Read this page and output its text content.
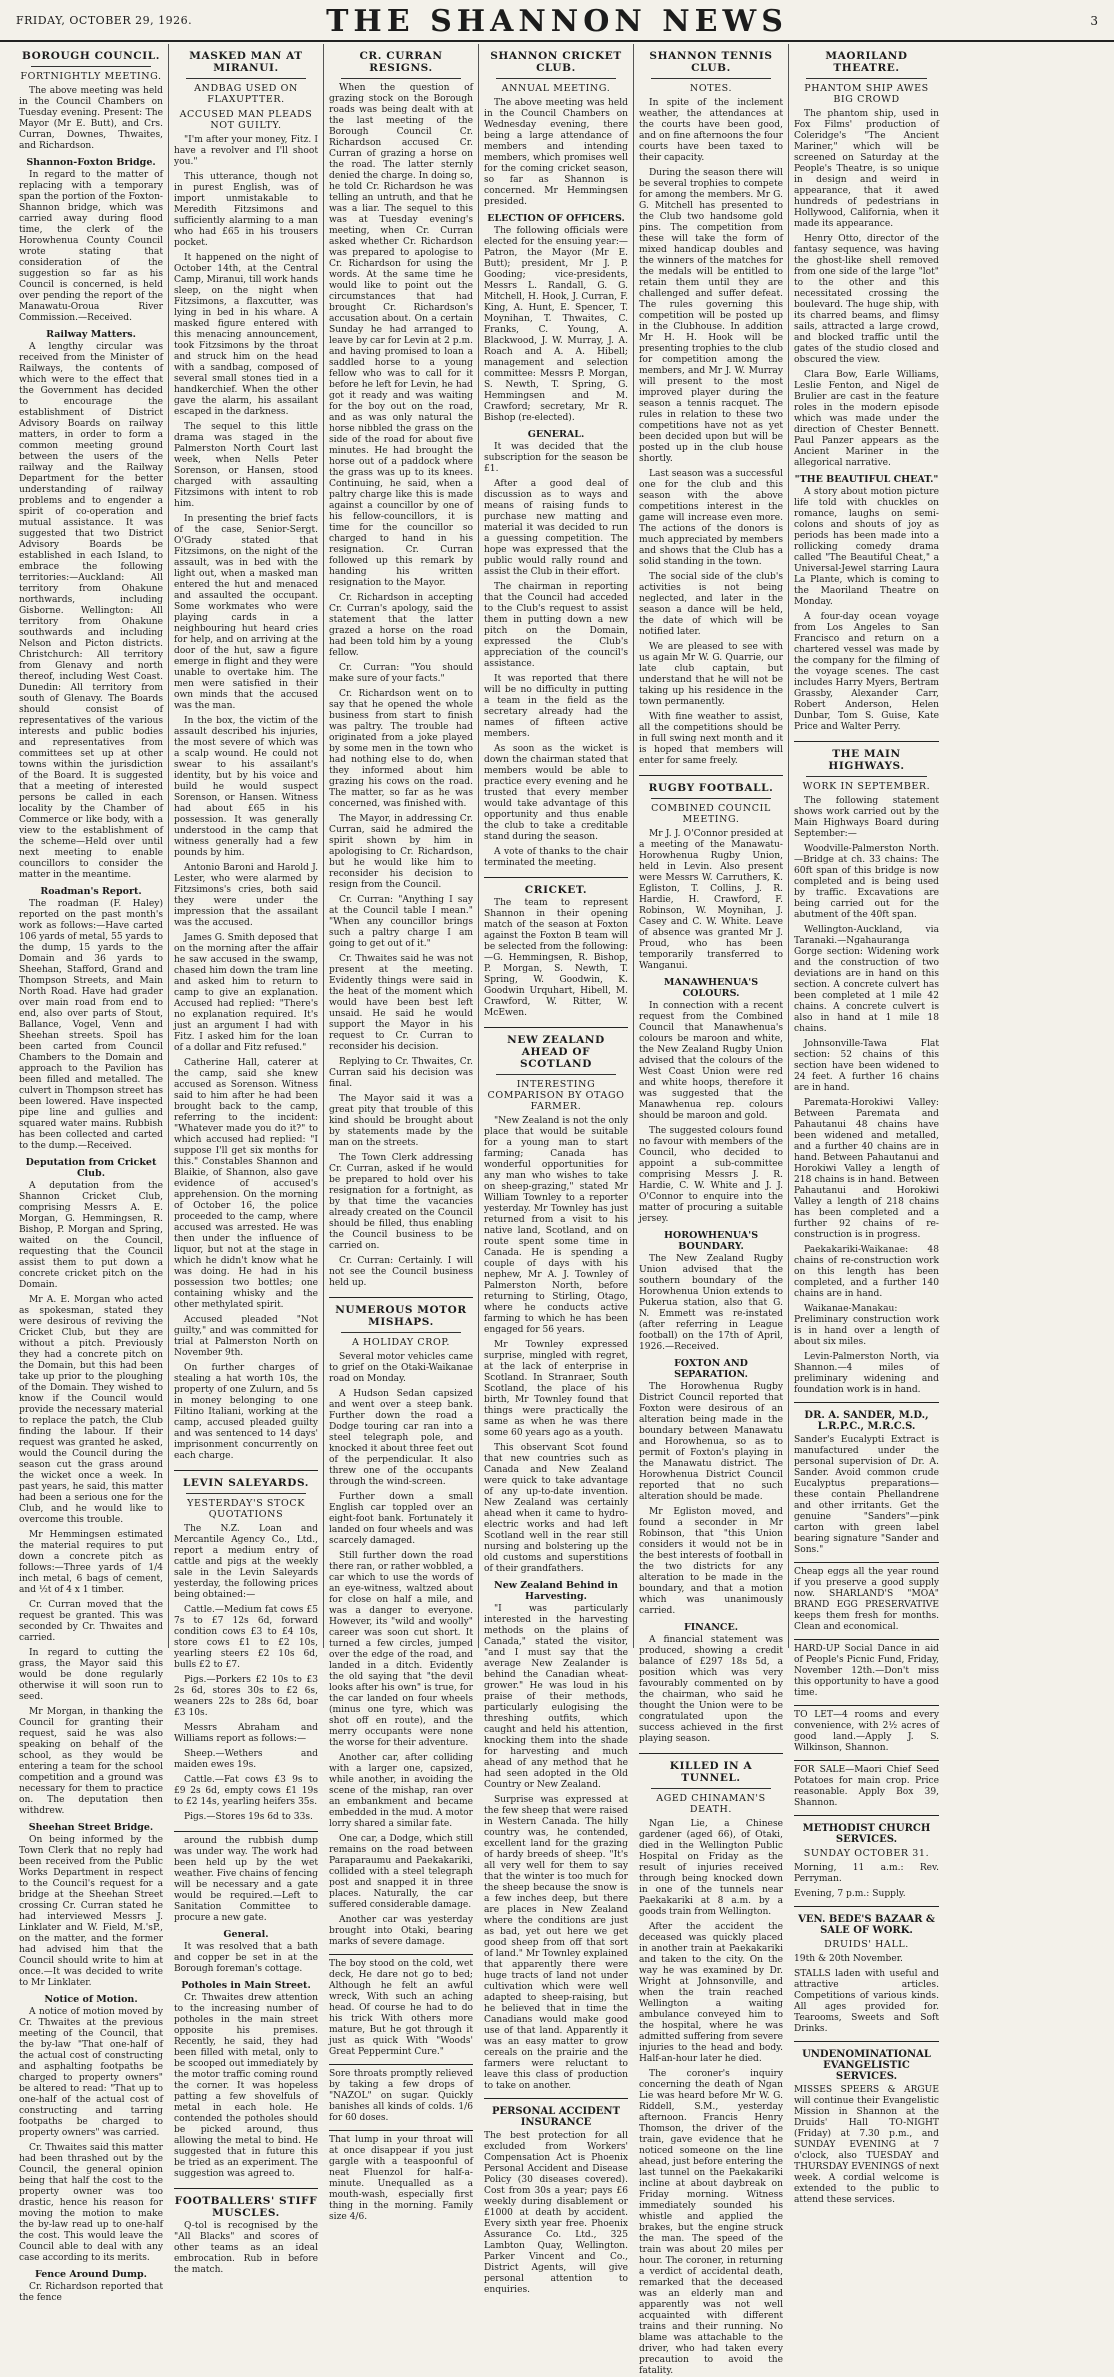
FRIDAY, OCTOBER 29, 1926.	THE SHANNON NEWS	3
BOROUGH COUNCIL.
FORTNIGHTLY MEETING.

The above meeting was held in the Council Chambers on Tuesday evening. Present: The Mayor (Mr E. Butt), and Crs. Curran, Downes, Thwaites, and Richardson.

Shannon-Foxton Bridge.

In regard to the matter of replacing with a temporary span the portion of the Foxton-Shannon bridge, which was carried away during flood time, the clerk of the Horowhenua County Council wrote stating that consideration of the suggestion so far as his Council is concerned, is held over pending the report of the Manawatu-Oroua River Commission.—Received.

Railway Matters.

A lengthy circular was received from the Minister of Railways, the contents of which were to the effect that the Government has decided to encourage the establishment of District Advisory Boards on railway matters, in order to form a common meeting ground between the users of the railway and the Railway Department for the better understanding of railway problems and to engender a spirit of co-operation and mutual assistance. It was suggested that two District Advisory Boards be established in each Island, to embrace the following territories:—Auckland: All territory from Ohakune northwards, including Gisborne. Wellington: All territory from Ohakune southwards and including Nelson and Picton districts. Christchurch: All territory from Glenavy and north thereof, including West Coast. Dunedin: All territory from south of Glenavy. The Boards should consist of representatives of the various interests and public bodies and representatives from committees set up at other towns within the jurisdiction of the Board. It is suggested that a meeting of interested persons be called in each locality by the Chamber of Commerce or like body, with a view to the establishment of the scheme—Held over until next meeting to enable councillors to consider the matter in the meantime.

Roadman's Report.

The roadman (F. Haley) reported on the past month's work as follows:—Have carted 106 yards of metal, 55 yards to the dump, 15 yards to the Domain and 36 yards to Sheehan, Stafford, Grand and Thompson Streets, and Main North Road. Have had grader over main road from end to end, also over parts of Stout, Ballance, Vogel, Venn and Sheehan streets. Spoil has been carted from Council Chambers to the Domain and approach to the Pavilion has been filled and metalled. The culvert in Thompson street has been lowered. Have inspected pipe line and gullies and squared water mains. Rubbish has been collected and carted to the dump.—Received.

Deputation from Cricket Club.

A deputation from the Shannon Cricket Club, comprising Messrs A. E. Morgan, G. Hemmingsen, R. Bishop, P. Morgan and Spring, waited on the Council, requesting that the Council assist them to put down a concrete cricket pitch on the Domain.

Mr A. E. Morgan who acted as spokesman, stated they were desirous of reviving the Cricket Club, but they are without a pitch. Previously they had a concrete pitch on the Domain, but this had been take up prior to the ploughing of the Domain. They wished to know if the Council would provide the necessary material to replace the patch, the Club finding the labour. If their request was granted he asked, would the Council during the season cut the grass around the wicket once a week. In past years, he said, this matter had been a serious one for the Club, and he would like to overcome this trouble.

Mr Hemmingsen estimated the material requires to put down a concrete pitch as follows:—Three yards of 1/4 inch metal, 6 bags of cement, and ½t of 4 x 1 timber.

Cr. Curran moved that the request be granted. This was seconded by Cr. Thwaites and carried.

In regard to cutting the grass, the Mayor said this would be done regularly otherwise it will soon run to seed.

Mr Morgan, in thanking the Council for granting their request, said he was also speaking on behalf of the school, as they would be entering a team for the school competition and a ground was necessary for them to practice on. The deputation then withdrew.

Sheehan Street Bridge.

On being informed by the Town Clerk that no reply had been received from the Public Works Department in respect to the Council's request for a bridge at the Sheehan Street crossing Cr. Curran stated he had interviewed Messrs J. Linklater and W. Field, M.'sP., on the matter, and the former had advised him that the Council should write to him at once.—It was decided to write to Mr Linklater.

Notice of Motion.

A notice of motion moved by Cr. Thwaites at the previous meeting of the Council, that the by-law "That one-half of the actual cost of constructing and asphalting footpaths be charged to property owners" be altered to read: "That up to one-half of the actual cost of constructing and tarring footpaths be charged to property owners" was carried.

Cr. Thwaites said this matter had been thrashed out by the Council, the general opinion being that half the cost to the property owner was too drastic, hence his reason for moving the motion to make the by-law read up to one-half the cost. This would leave the Council able to deal with any case according to its merits.

Fence Around Dump.

Cr. Richardson reported that the fence

MASKED MAN AT MIRANUI.
ANDBAG USED ON FLAXUPTTER.
ACCUSED MAN PLEADS NOT GUILTY.

"I'm after your money, Fitz. I have a revolver and I'll shoot you."

This utterance, though not in purest English, was of import unmistakable to Meredith Fitzsimons and sufficiently alarming to a man who had £65 in his trousers pocket.

It happened on the night of October 14th, at the Central Camp, Miranui, till work hands sleep, on the night when Fitzsimons, a flaxcutter, was lying in bed in his whare. A masked figure entered with this menacing announcement, took Fitzsimons by the throat and struck him on the head with a sandbag, composed of several small stones tied in a handkerchief. When the other gave the alarm, his assailant escaped in the darkness.

The sequel to this little drama was staged in the Palmerston North Court last week, when Nells Peter Sorenson, or Hansen, stood charged with assaulting Fitzsimons with intent to rob him.

In presenting the brief facts of the case, Senior-Sergt. O'Grady stated that Fitzsimons, on the night of the assault, was in bed with the light out, when a masked man entered the hut and menaced and assaulted the occupant. Some workmates who were playing cards in a neighbouring hut heard cries for help, and on arriving at the door of the hut, saw a figure emerge in flight and they were unable to overtake him. The men were satisfied in their own minds that the accused was the man.

In the box, the victim of the assault described his injuries, the most severe of which was a scalp wound. He could not swear to his assailant's identity, but by his voice and build he would suspect Sorenson, or Hansen. Witness had about £65 in his possession. It was generally understood in the camp that witness generally had a few pounds by him.

Antonio Baroni and Harold J. Lester, who were alarmed by Fitzsimons's cries, both said they were under the impression that the assailant was the accused.

James G. Smith deposed that on the morning after the affair he saw accused in the swamp, chased him down the tram line and asked him to return to camp to give an explanation. Accused had replied: "There's no explanation required. It's just an argument I had with Fitz. I asked him for the loan of a dollar and Fitz refused."

Catherine Hall, caterer at the camp, said she knew accused as Sorenson. Witness said to him after he had been brought back to the camp, referring to the incident: "Whatever made you do it?" to which accused had replied: "I suppose I'll get six months for this." Constables Shannon and Blaikie, of Shannon, also gave evidence of accused's apprehension. On the morning of October 16, the police proceeded to the camp, where accused was arrested. He was then under the influence of liquor, but not at the stage in which he didn't know what he was doing. He had in his possession two bottles; one containing whisky and the other methylated spirit.

Accused pleaded "Not guilty," and was committed for trial at Palmerston North on November 9th.

On further charges of stealing a hat worth 10s, the property of one Zulurn, and 5s in money belonging to one Filtino Italiani, working at the camp, accused pleaded guilty and was sentenced to 14 days' imprisonment concurrently on each charge.

LEVIN SALEYARDS.
YESTERDAY'S STOCK QUOTATIONS

The N.Z. Loan and Mercantile Agency Co., Ltd., report a medium entry of cattle and pigs at the weekly sale in the Levin Saleyards yesterday, the following prices being obtained:—

Cattle.—Medium fat cows £5 7s to £7 12s 6d, forward condition cows £3 to £4 10s, store cows £1 to £2 10s, yearling steers £2 10s 6d, bulls £2 to £7.

Pigs.—Porkers £2 10s to £3 2s 6d, stores 30s to £2 6s, weaners 22s to 28s 6d, boar £3 10s.

Messrs Abraham and Williams report as follows:—

Sheep.—Wethers and maiden ewes 19s.

Cattle.—Fat cows £3 9s to £9 2s 6d, empty cows £1 19s to £2 14s, yearling heifers 35s.

Pigs.—Stores 19s 6d to 33s.

around the rubbish dump was under way. The work had been held up by the wet weather. Five chains of fencing will be necessary and a gate would be required.—Left to Sanitation Committee to procure a new gate.

General.

It was resolved that a bath and copper be set in at the Borough foreman's cottage.

Potholes in Main Street.

Cr. Thwaites drew attention to the increasing number of potholes in the main street opposite his premises. Recently, he said, they had been filled with metal, only to be scooped out immediately by the motor traffic coming round the corner. It was hopeless patting a few shovelfuls of metal in each hole. He contended the potholes should be picked around, thus allowing the metal to bind. He suggested that in future this be tried as an experiment. The suggestion was agreed to.

FOOTBALLERS' STIFF MUSCLES.

Q-tol is recognised by the "All Blacks" and scores of other teams as an ideal embrocation. Rub in before the match.

CR. CURRAN RESIGNS.

When the question of grazing stock on the Borough roads was being dealt with at the last meeting of the Borough Council Cr. Richardson accused Cr. Curran of grazing a horse on the road. The latter sternly denied the charge. In doing so, he told Cr. Richardson he was telling an untruth, and that he was a liar. The sequel to this was at Tuesday evening's meeting, when Cr. Curran asked whether Cr. Richardson was prepared to apologise to Cr. Richardson for using the words. At the same time he would like to point out the circumstances that had brought Cr. Richardson's accusation about. On a certain Sunday he had arranged to leave by car for Levin at 2 p.m. and having promised to loan a saddled horse to a young fellow who was to call for it before he left for Levin, he had got it ready and was waiting for the boy out on the road, and as was only natural the horse nibbled the grass on the side of the road for about five minutes. He had brought the horse out of a paddock where the grass was up to its knees. Continuing, he said, when a paltry charge like this is made against a councillor by one of his fellow-councillors, it is time for the councillor so charged to hand in his resignation. Cr. Curran followed up this remark by handing his written resignation to the Mayor.

Cr. Richardson in accepting Cr. Curran's apology, said the statement that the latter grazed a horse on the road had been told him by a young fellow.

Cr. Curran: "You should make sure of your facts."

Cr. Richardson went on to say that he opened the whole business from start to finish was paltry. The trouble had originated from a joke played by some men in the town who had nothing else to do, when they informed about him grazing his cows on the road. The matter, so far as he was concerned, was finished with.

The Mayor, in addressing Cr. Curran, said he admired the spirit shown by him in apologising to Cr. Richardson, but he would like him to reconsider his decision to resign from the Council.

Cr. Curran: "Anything I say at the Council table I mean." "When any councillor brings such a paltry charge I am going to get out of it."

Cr. Thwaites said he was not present at the meeting. Evidently things were said in the heat of the moment which would have been best left unsaid. He said he would support the Mayor in his request to Cr. Curran to reconsider his decision.

Replying to Cr. Thwaites, Cr. Curran said his decision was final.

The Mayor said it was a great pity that trouble of this kind should be brought about by statements made by the man on the streets.

The Town Clerk addressing Cr. Curran, asked if he would be prepared to hold over his resignation for a fortnight, as by that time the vacancies already created on the Council should be filled, thus enabling the Council business to be carried on.

Cr. Curran: Certainly. I will not see the Council business held up.

NUMEROUS MOTOR MISHAPS.
A HOLIDAY CROP.

Several motor vehicles came to grief on the Otaki-Waikanae road on Monday.

A Hudson Sedan capsized and went over a steep bank. Further down the road a Dodge touring car ran into a steel telegraph pole, and knocked it about three feet out of the perpendicular. It also threw one of the occupants through the wind-screen.

Further down a small English car toppled over an eight-foot bank. Fortunately it landed on four wheels and was scarcely damaged.

Still further down the road there ran, or rather wobbled, a car which to use the words of an eye-witness, waltzed about for close on half a mile, and was a danger to everyone. However, its "wild and woolly" career was soon cut short. It turned a few circles, jumped over the edge of the road, and landed in a ditch. Evidently the old saying that "the devil looks after his own" is true, for the car landed on four wheels (minus one tyre, which was shot off en route), and the merry occupants were none the worse for their adventure.

Another car, after colliding with a larger one, capsized, while another, in avoiding the scene of the mishap, ran over an embankment and became embedded in the mud. A motor lorry shared a similar fate.

One car, a Dodge, which still remains on the road between Paraparaumu and Paekakariki, collided with a steel telegraph post and snapped it in three places. Naturally, the car suffered considerable damage.

Another car was yesterday brought into Otaki, bearing marks of severe damage.

The boy stood on the cold, wet deck, He dare not go to bed; Although he felt an awful wreck, With such an aching head. Of course he had to do his trick With others more mature, But he got through it just as quick With "Woods' Great Peppermint Cure."

Sore throats promptly relieved by taking a few drops of "NAZOL" on sugar. Quickly banishes all kinds of colds. 1/6 for 60 doses.

That lump in your throat will at once disappear if you just gargle with a teaspoonful of neat Fluenzol for half-a-minute. Unequalled as a mouth-wash, especially first thing in the morning. Family size 4/6.

SHANNON CRICKET CLUB.
ANNUAL MEETING.

The above meeting was held in the Council Chambers on Wednesday evening, there being a large attendance of members and intending members, which promises well for the coming cricket season, so far as Shannon is concerned. Mr Hemmingsen presided.

ELECTION OF OFFICERS.

The following officials were elected for the ensuing year:—Patron, the Mayor (Mr E. Butt); president, Mr J. P. Gooding; vice-presidents, Messrs L. Randall, G. G. Mitchell, H. Hook, J. Curran, F. King, A. Hunt, E. Spencer, T. Moynihan, T. Thwaites, C. Franks, C. Young, A. Blackwood, J. W. Murray, J. A. Roach and A. A. Hibell; management and selection committee: Messrs P. Morgan, S. Newth, T. Spring, G. Hemmingsen and M. Crawford; secretary, Mr R. Bishop (re-elected).

GENERAL.

It was decided that the subscription for the season be £1.

After a good deal of discussion as to ways and means of raising funds to purchase new matting and material it was decided to run a guessing competition. The hope was expressed that the public would rally round and assist the Club in their effort.

The chairman in reporting that the Council had acceded to the Club's request to assist them in putting down a new pitch on the Domain, expressed the Club's appreciation of the council's assistance.

It was reported that there will be no difficulty in putting a team in the field as the secretary already had the names of fifteen active members.

As soon as the wicket is down the chairman stated that members would be able to practice every evening and he trusted that every member would take advantage of this opportunity and thus enable the club to take a creditable stand during the season.

A vote of thanks to the chair terminated the meeting.

CRICKET.

The team to represent Shannon in their opening match of the season at Foxton against the Foxton B team will be selected from the following:—G. Hemmingsen, R. Bishop, P. Morgan, S. Newth, T. Spring, W. Goodwin, K. Goodwin Urquhart, Hibell, M. Crawford, W. Ritter, W. McEwen.

NEW ZEALAND AHEAD OF SCOTLAND
INTERESTING COMPARISON BY OTAGO FARMER.

"New Zealand is not the only place that would be suitable for a young man to start farming; Canada has wonderful opportunities for any man who wishes to take on sheep-grazing," stated Mr William Townley to a reporter yesterday. Mr Townley has just returned from a visit to his native land, Scotland, and on route spent some time in Canada. He is spending a couple of days with his nephew, Mr A. J. Townley of Palmerston North, before returning to Stirling, Otago, where he conducts active farming to which he has been engaged for 56 years.

Mr Townley expressed surprise, mingled with regret, at the lack of enterprise in Scotland. In Stranraer, South Scotland, the place of his birth, Mr Townley found that things were practically the same as when he was there some 60 years ago as a youth.

This observant Scot found that new countries such as Canada and New Zealand were quick to take advantage of any up-to-date invention. New Zealand was certainly ahead when it came to hydro-electric works and had left Scotland well in the rear still nursing and bolstering up the old customs and superstitions of their grandfathers.

New Zealand Behind in Harvesting.

"I was particularly interested in the harvesting methods on the plains of Canada," stated the visitor, "and I must say that the average New Zealander is behind the Canadian wheat-grower." He was loud in his praise of their methods, particularly eulogising the threshing outfits, which caught and held his attention, knocking them into the shade for harvesting and much ahead of any method that he had seen adopted in the Old Country or New Zealand.

Surprise was expressed at the few sheep that were raised in Western Canada. The hilly country was, he contended, excellent land for the grazing of hardy breeds of sheep. "It's all very well for them to say that the winter is too much for the sheep because the snow is a few inches deep, but there are places in New Zealand where the conditions are just as bad, yet out here we get good sheep from off that sort of land." Mr Townley explained that apparently there were huge tracts of land not under cultivation which were well adapted to sheep-raising, but he believed that in time the Canadians would make good use of that land. Apparently it was an easy matter to grow cereals on the prairie and the farmers were reluctant to leave this class of production to take on another.

PERSONAL ACCIDENT INSURANCE

The best protection for all excluded from Workers' Compensation Act is Phoenix Personal Accident and Disease Policy (30 diseases covered). Cost from 30s a year; pays £6 weekly during disablement or £1000 at death by accident. Every sixth year free. Phoenix Assurance Co. Ltd., 325 Lambton Quay, Wellington. Parker Vincent and Co., District Agents, will give personal attention to enquiries.

SHANNON TENNIS CLUB.
NOTES.

In spite of the inclement weather, the attendances at the courts have been good, and on fine afternoons the four courts have been taxed to their capacity.

During the season there will be several trophies to compete for among the members. Mr G. G. Mitchell has presented to the Club two handsome gold pins. The competition from these will take the form of mixed handicap doubles and the winners of the matches for the medals will be entitled to retain them until they are challenged and suffer defeat. The rules governing this competition will be posted up in the Clubhouse. In addition Mr H. H. Hook will be presenting trophies to the club for competition among the members, and Mr J. W. Murray will present to the most improved player during the season a tennis racquet. The rules in relation to these two competitions have not as yet been decided upon but will be posted up in the club house shortly.

Last season was a successful one for the club and this season with the above competitions interest in the game will increase even more. The actions of the donors is much appreciated by members and shows that the Club has a solid standing in the town.

The social side of the club's activities is not being neglected, and later in the season a dance will be held, the date of which will be notified later.

We are pleased to see with us again Mr W. G. Quarrie, our late club captain, but understand that he will not be taking up his residence in the town permanently.

With fine weather to assist, all the competitions should be in full swing next month and it is hoped that members will enter for same freely.

RUGBY FOOTBALL.
COMBINED COUNCIL MEETING.

Mr J. J. O'Connor presided at a meeting of the Manawatu-Horowhenua Rugby Union, held in Levin. Also present were Messrs W. Carruthers, K. Egliston, T. Collins, J. R. Hardie, H. Crawford, F. Robinson, W. Moynihan, J. Casey and C. W. White. Leave of absence was granted Mr J. Proud, who has been temporarily transferred to Wanganui.

MANAWHENUA'S COLOURS.

In connection with a recent request from the Combined Council that Manawhenua's colours be maroon and white, the New Zealand Rugby Union advised that the colours of the West Coast Union were red and white hoops, therefore it was suggested that the Manawhenua rep. colours should be maroon and gold.

The suggested colours found no favour with members of the Council, who decided to appoint a sub-committee comprising Messrs J. R. Hardie, C. W. White and J. J. O'Connor to enquire into the matter of procuring a suitable jersey.

HOROWHENUA'S BOUNDARY.

The New Zealand Rugby Union advised that the southern boundary of the Horowhenua Union extends to Pukerua station, also that G. N. Emmett was re-instated (after referring in League football) on the 17th of April, 1926.—Received.

FOXTON AND SEPARATION.

The Horowhenua Rugby District Council reported that Foxton were desirous of an alteration being made in the boundary between Manawatu and Horowhenua, so as to permit of Foxton's playing in the Manawatu district. The Horowhenua District Council reported that no such alteration should be made.

Mr Egliston moved, and found a seconder in Mr Robinson, that "this Union considers it would not be in the best interests of football in the two districts for any alteration to be made in the boundary, and that a motion which was unanimously carried.

FINANCE.

A financial statement was produced, showing a credit balance of £297 18s 5d, a position which was very favourably commented on by the chairman, who said he thought the Union were to be congratulated upon the success achieved in the first playing season.

KILLED IN A TUNNEL.
AGED CHINAMAN'S DEATH.

Ngan Lie, a Chinese gardener (aged 66), of Otaki, died in the Wellington Public Hospital on Friday as the result of injuries received through being knocked down in one of the tunnels near Paekakariki at 8 a.m. by a goods train from Wellington.

After the accident the deceased was quickly placed in another train at Paekakariki and taken to the city. On the way he was examined by Dr. Wright at Johnsonville, and when the train reached Wellington a waiting ambulance conveyed him to the hospital, where he was admitted suffering from severe injuries to the head and body. Half-an-hour later he died.

The coroner's inquiry concerning the death of Ngan Lie was heard before Mr W. G. Riddell, S.M., yesterday afternoon. Francis Henry Thomson, the driver of the train, gave evidence that he noticed someone on the line ahead, just before entering the last tunnel on the Paekakariki incline at about daybreak on Friday morning. Witness immediately sounded his whistle and applied the brakes, but the engine struck the man. The speed of the train was about 20 miles per hour. The coroner, in returning a verdict of accidental death, remarked that the deceased was an elderly man and apparently was not well acquainted with different trains and their running. No blame was attachable to the driver, who had taken every precaution to avoid the fatality.

MAORILAND THEATRE.
PHANTOM SHIP AWES BIG CROWD

The phantom ship, used in Fox Films' production of Coleridge's "The Ancient Mariner," which will be screened on Saturday at the People's Theatre, is so unique in design and weird in appearance, that it awed hundreds of pedestrians in Hollywood, California, when it made its appearance.

Henry Otto, director of the fantasy sequence, was having the ghost-like shell removed from one side of the large "lot" to the other and this necessitated crossing the boulevard. The huge ship, with its charred beams, and flimsy sails, attracted a large crowd, and blocked traffic until the gates of the studio closed and obscured the view.

Clara Bow, Earle Williams, Leslie Fenton, and Nigel de Brulier are cast in the feature roles in the modern episode which was made under the direction of Chester Bennett. Paul Panzer appears as the Ancient Mariner in the allegorical narrative.

"THE BEAUTIFUL CHEAT."

A story about motion picture life told with chuckles on romance, laughs on semi-colons and shouts of joy as periods has been made into a rollicking comedy drama called "The Beautiful Cheat," a Universal-Jewel starring Laura La Plante, which is coming to the Maoriland Theatre on Monday.

A four-day ocean voyage from Los Angeles to San Francisco and return on a chartered vessel was made by the company for the filming of the voyage scenes. The cast includes Harry Myers, Bertram Grassby, Alexander Carr, Robert Anderson, Helen Dunbar, Tom S. Guise, Kate Price and Walter Perry.

THE MAIN HIGHWAYS.
WORK IN SEPTEMBER.

The following statement shows work carried out by the Main Highways Board during September:—

Woodville-Palmerston North.—Bridge at ch. 33 chains: The 60ft span of this bridge is now completed and is being used by traffic. Excavations are being carried out for the abutment of the 40ft span.

Wellington-Auckland, via Taranaki.—Ngahauranga Gorge section: Widening work and the construction of two deviations are in hand on this section. A concrete culvert has been completed at 1 mile 42 chains. A concrete culvert is also in hand at 1 mile 18 chains.

Johnsonville-Tawa Flat section: 52 chains of this section have been widened to 24 feet. A further 16 chains are in hand.

Paremata-Horokiwi Valley: Between Paremata and Pahautanui 48 chains have been widened and metalled, and a further 40 chains are in hand. Between Pahautanui and Horokiwi Valley a length of 218 chains is in hand. Between Pahautanui and Horokiwi Valley a length of 218 chains has been completed and a further 92 chains of re-construction is in progress.

Paekakariki-Waikanae: 48 chains of re-construction work on this length has been completed, and a further 140 chains are in hand.

Waikanae-Manakau: Preliminary construction work is in hand over a length of about six miles.

Levin-Palmerston North, via Shannon.—4 miles of preliminary widening and foundation work is in hand.

DR. A. SANDER, M.D., L.R.P.C., M.R.C.S.

Sander's Eucalypti Extract is manufactured under the personal supervision of Dr. A. Sander. Avoid common crude Eucalyptus preparations—these contain Phellandrene and other irritants. Get the genuine "Sanders"—pink carton with green label bearing signature "Sander and Sons."

Cheap eggs all the year round if you preserve a good supply now. SHARLAND'S "MOA" BRAND EGG PRESERVATIVE keeps them fresh for months. Clean and economical.

HARD-UP Social Dance in aid of People's Picnic Fund, Friday, November 12th.—Don't miss this opportunity to have a good time.

TO LET—4 rooms and every convenience, with 2½ acres of good land.—Apply J. S. Wilkinson, Shannon.

FOR SALE—Maori Chief Seed Potatoes for main crop. Price reasonable. Apply Box 39, Shannon.

METHODIST CHURCH SERVICES.
SUNDAY OCTOBER 31.

Morning, 11 a.m.: Rev. Perryman.

Evening, 7 p.m.: Supply.

VEN. BEDE'S BAZAAR & SALE OF WORK.
DRUIDS' HALL.

19th & 20th November.

STALLS laden with useful and attractive articles. Competitions of various kinds. All ages provided for. Tearooms, Sweets and Soft Drinks.

UNDENOMINATIONAL EVANGELISTIC SERVICES.

MISSES SPEERS & ARGUE will continue their Evangelistic Mission in Shannon at the Druids' Hall TO-NIGHT (Friday) at 7.30 p.m., and SUNDAY EVENING at 7 o'clock, also TUESDAY and THURSDAY EVENINGS of next week. A cordial welcome is extended to the public to attend these services.
